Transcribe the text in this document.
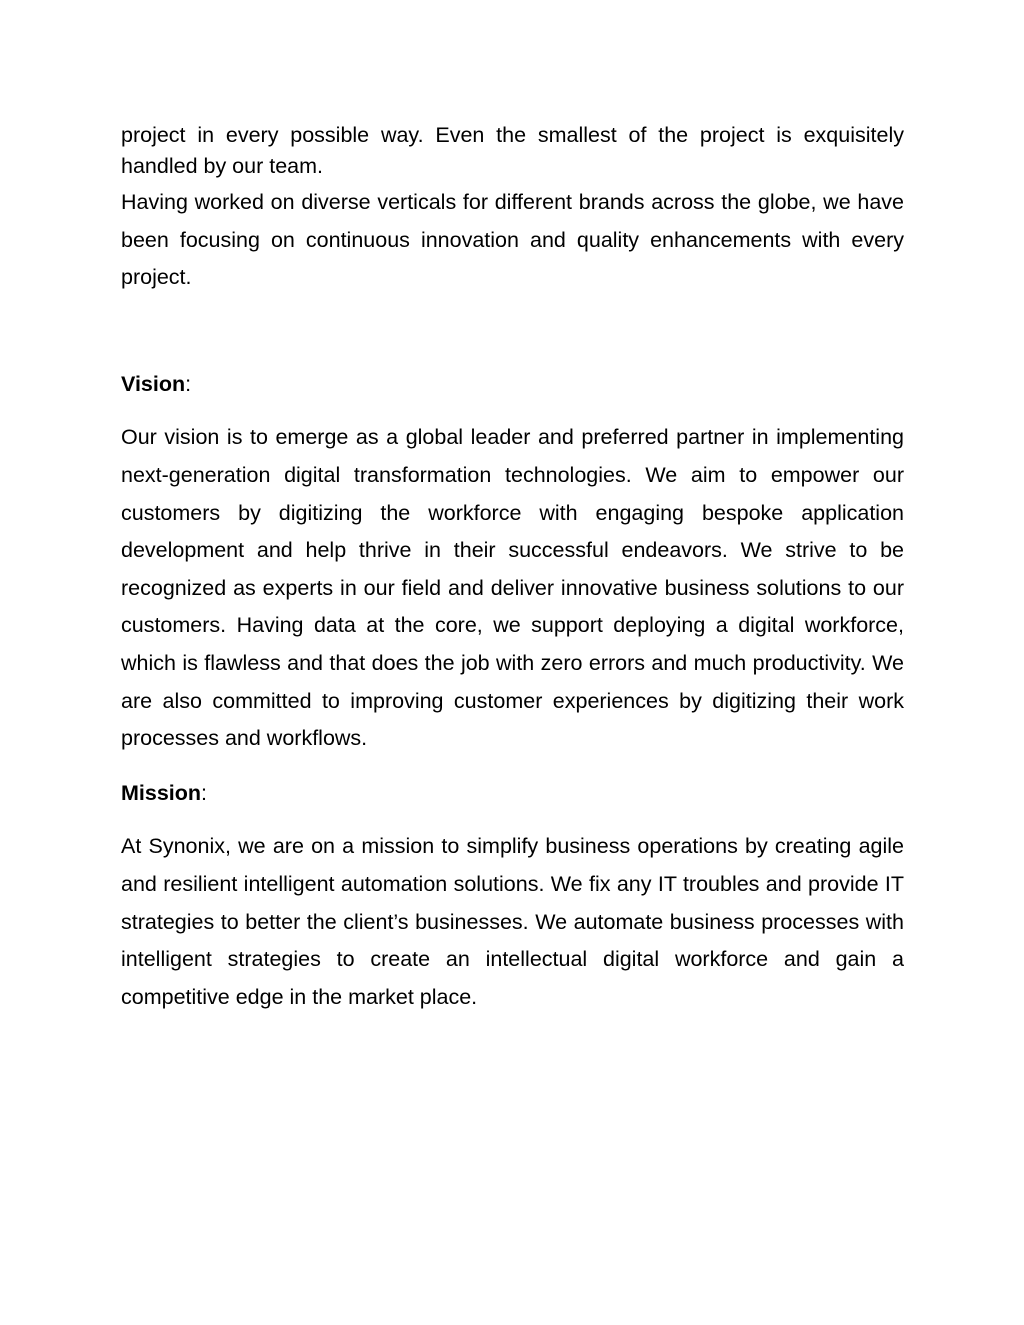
project in every possible way. Even the smallest of the project is exquisitely handled by our team.

Having worked on diverse verticals for different brands across the globe, we have been focusing on continuous innovation and quality enhancements with every project.

Vision:

Our vision is to emerge as a global leader and preferred partner in implementing next-generation digital transformation technologies. We aim to empower our customers by digitizing the workforce with engaging bespoke application development and help thrive in their successful endeavors. We strive to be recognized as experts in our field and deliver innovative business solutions to our customers. Having data at the core, we support deploying a digital workforce, which is flawless and that does the job with zero errors and much productivity. We are also committed to improving customer experiences by digitizing their work processes and workflows.

Mission:

At Synonix, we are on a mission to simplify business operations by creating agile and resilient intelligent automation solutions. We fix any IT troubles and provide IT strategies to better the client’s businesses. We automate business processes with intelligent strategies to create an intellectual digital workforce and gain a competitive edge in the market place.
